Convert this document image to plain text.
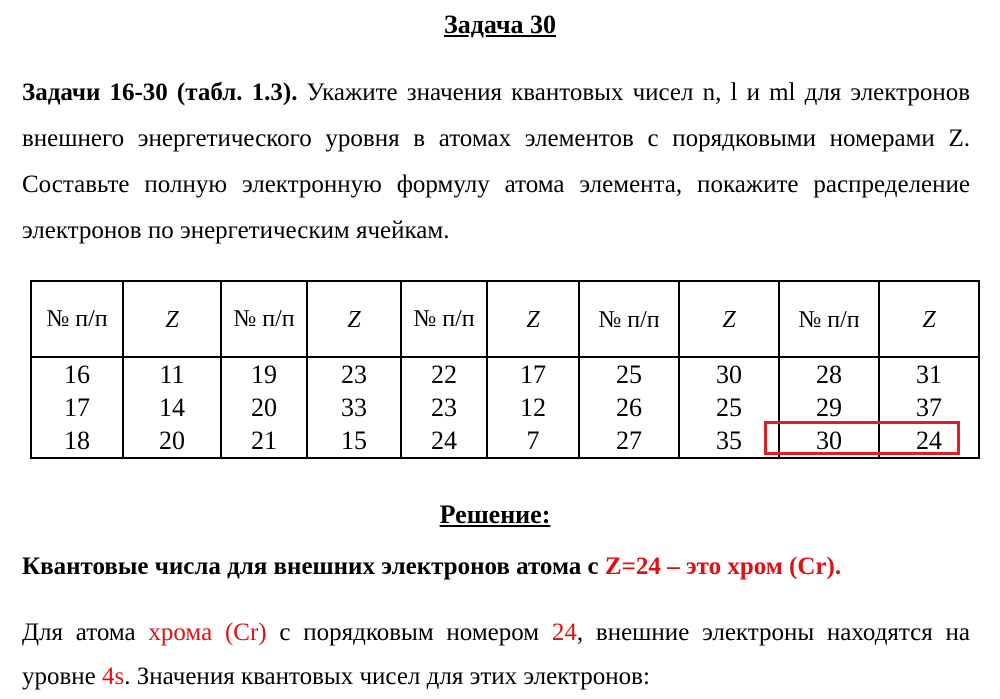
Задача 30
Задачи 16-30 (табл. 1.3). Укажите значения квантовых чисел n, l и ml для электронов внешнего энергетического уровня в атомах элементов с порядковыми номерами Z. Составьте полную электронную формулу атома элемента, покажите распределение электронов по энергетическим ячейкам.
№ п/п	Z	№ п/п	Z	№ п/п	Z	№ п/п	Z	№ п/п	Z
16	11	19	23	22	17	25	30	28	31
17	14	20	33	23	12	26	25	29	37
18	20	21	15	24	7	27	35	30	24
Решение:
Квантовые числа для внешних электронов атома с Z=24 – это хром (Cr).
Для атома хрома (Cr) с порядковым номером 24, внешние электроны находятся на уровне 4s. Значения квантовых чисел для этих электронов:
